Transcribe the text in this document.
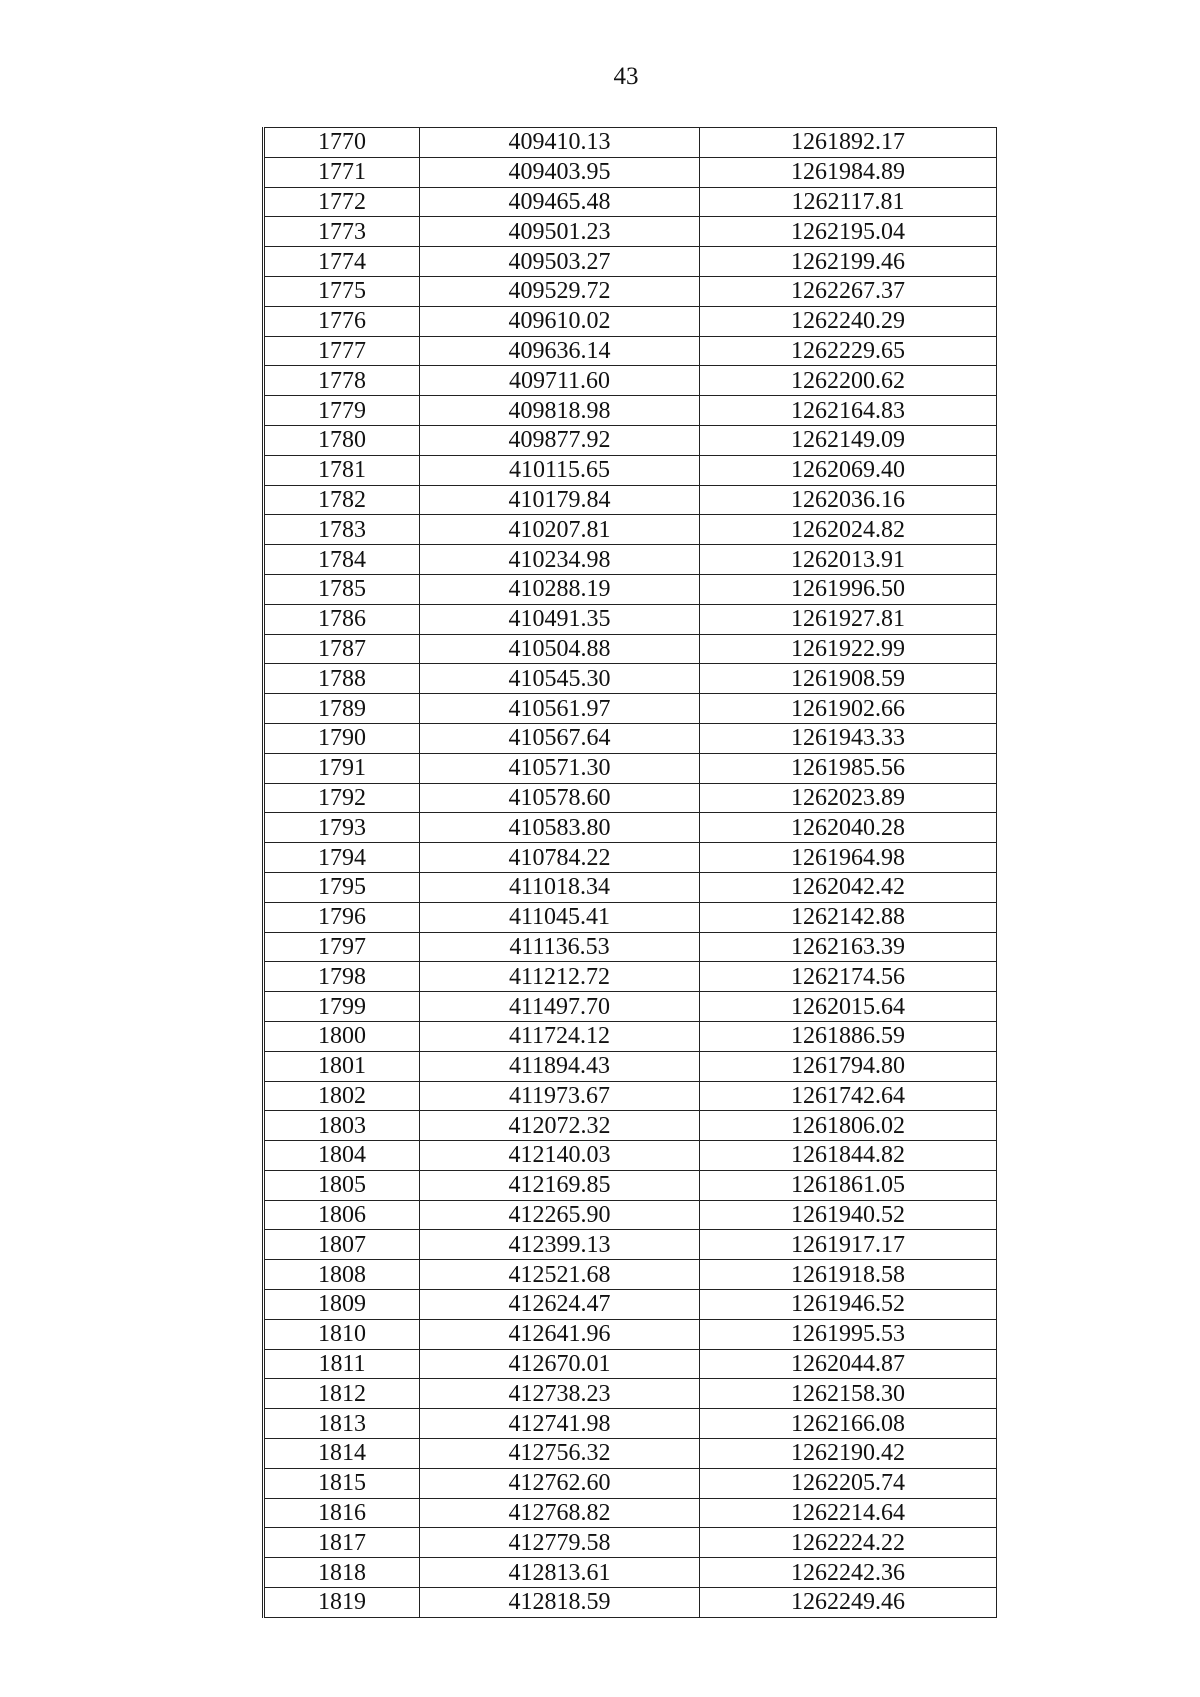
43
1770	409410.13	1261892.17
1771	409403.95	1261984.89
1772	409465.48	1262117.81
1773	409501.23	1262195.04
1774	409503.27	1262199.46
1775	409529.72	1262267.37
1776	409610.02	1262240.29
1777	409636.14	1262229.65
1778	409711.60	1262200.62
1779	409818.98	1262164.83
1780	409877.92	1262149.09
1781	410115.65	1262069.40
1782	410179.84	1262036.16
1783	410207.81	1262024.82
1784	410234.98	1262013.91
1785	410288.19	1261996.50
1786	410491.35	1261927.81
1787	410504.88	1261922.99
1788	410545.30	1261908.59
1789	410561.97	1261902.66
1790	410567.64	1261943.33
1791	410571.30	1261985.56
1792	410578.60	1262023.89
1793	410583.80	1262040.28
1794	410784.22	1261964.98
1795	411018.34	1262042.42
1796	411045.41	1262142.88
1797	411136.53	1262163.39
1798	411212.72	1262174.56
1799	411497.70	1262015.64
1800	411724.12	1261886.59
1801	411894.43	1261794.80
1802	411973.67	1261742.64
1803	412072.32	1261806.02
1804	412140.03	1261844.82
1805	412169.85	1261861.05
1806	412265.90	1261940.52
1807	412399.13	1261917.17
1808	412521.68	1261918.58
1809	412624.47	1261946.52
1810	412641.96	1261995.53
1811	412670.01	1262044.87
1812	412738.23	1262158.30
1813	412741.98	1262166.08
1814	412756.32	1262190.42
1815	412762.60	1262205.74
1816	412768.82	1262214.64
1817	412779.58	1262224.22
1818	412813.61	1262242.36
1819	412818.59	1262249.46
